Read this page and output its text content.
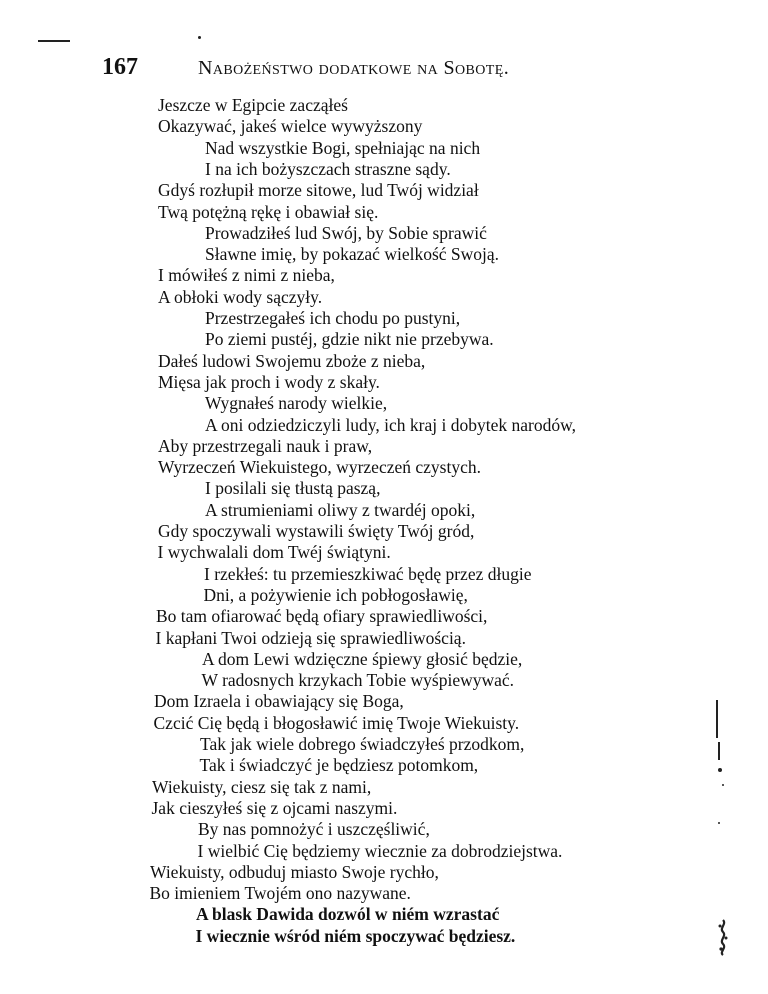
167	Nabożeństwo dodatkowe na Sobotę.
Jeszcze w Egipcie zacząłeś
Okazywać, jakeś wielce wywyższony
Nad wszystkie Bogi, spełniając na nich
I na ich bożyszczach straszne sądy.
Gdyś rozłupił morze sitowe, lud Twój widział
Twą potężną rękę i obawiał się.
Prowadziłeś lud Swój, by Sobie sprawić
Sławne imię, by pokazać wielkość Swoją.
I mówiłeś z nimi z nieba,
A obłoki wody sączyły.
Przestrzegałeś ich chodu po pustyni,
Po ziemi pustéj, gdzie nikt nie przebywa.
Dałeś ludowi Swojemu zboże z nieba,
Mięsa jak proch i wody z skały.
Wygnałeś narody wielkie,
A oni odziedziczyli ludy, ich kraj i dobytek narodów,
Aby przestrzegali nauk i praw,
Wyrzeczeń Wiekuistego, wyrzeczeń czystych.
I posilali się tłustą paszą,
A strumieniami oliwy z twardéj opoki,
Gdy spoczywali wystawili święty Twój gród,
I wychwalali dom Twéj świątyni.
I rzekłeś: tu przemieszkiwać będę przez długie
Dni, a pożywienie ich pobłogosławię,
Bo tam ofiarować będą ofiary sprawiedliwości,
I kapłani Twoi odzieją się sprawiedliwością.
A dom Lewi wdzięczne śpiewy głosić będzie,
W radosnych krzykach Tobie wyśpiewywać.
Dom Izraela i obawiający się Boga,
Czcić Cię będą i błogosławić imię Twoje Wiekuisty.
Tak jak wiele dobrego świadczyłeś przodkom,
Tak i świadczyć je będziesz potomkom,
Wiekuisty, ciesz się tak z nami,
Jak cieszyłeś się z ojcami naszymi.
By nas pomnożyć i uszczęśliwić,
I wielbić Cię będziemy wiecznie za dobrodziejstwa.
Wiekuisty, odbuduj miasto Swoje rychło,
Bo imieniem Twojém ono nazywane.
A blask Dawida dozwól w niém wzrastać
I wiecznie wśród niém spoczywać będziesz.
